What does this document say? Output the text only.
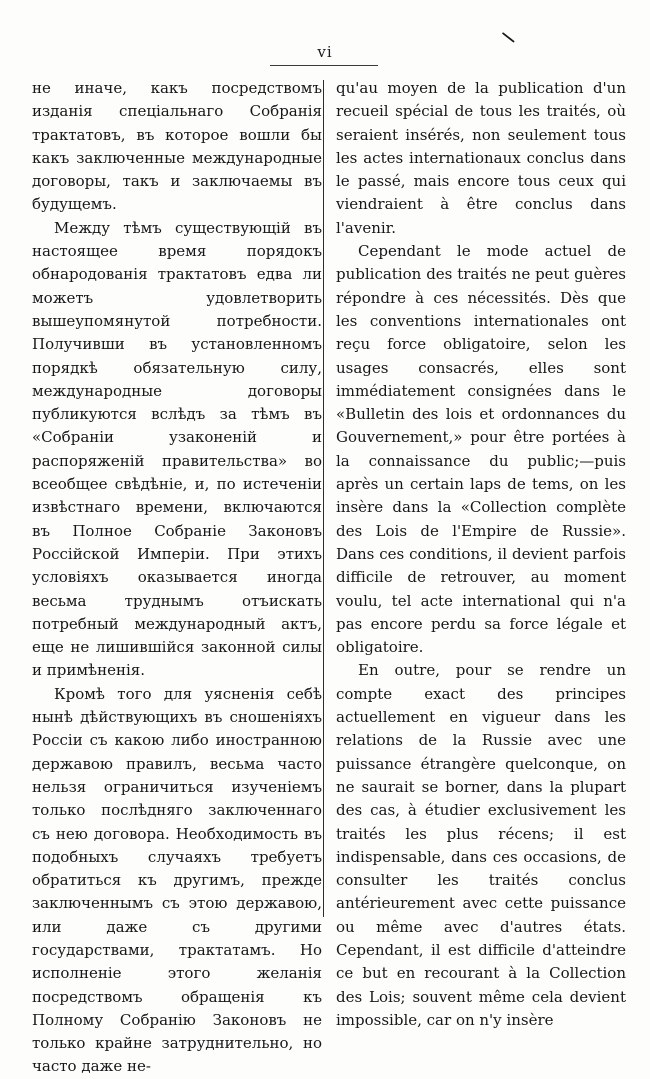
vi

не иначе, какъ посредствомъ изданія спеціальнаго Собранія трактатовъ, въ которое вошли бы какъ заключенные международные договоры, такъ и заключаемы въ будущемъ.

Между тѣмъ существующій въ настоящее время порядокъ обнародованія трактатовъ едва ли можетъ удовлетворить вышеупомянутой потребности. Получивши въ установленномъ порядкѣ обязательную силу, международные договоры публикуются вслѣдъ за тѣмъ въ «Собраніи узаконеній и распоряженій правительства» во всеобщее свѣдѣніе, и, по истеченіи извѣстнаго времени, включаются въ Полное Собраніе Законовъ Россійской Имперіи. При этихъ условіяхъ оказывается иногда весьма труднымъ отъискать потребный международный актъ, еще не лишившійся законной силы и примѣненія.

Кромѣ того для уясненія себѣ нынѣ дѣйствующихъ въ сношеніяхъ Россіи съ какою либо иностранною державою правилъ, весьма часто нельзя ограничиться изученіемъ только послѣдняго заключеннаго съ нею договора. Необходимость въ подобныхъ случаяхъ требуетъ обратиться къ другимъ, прежде заключеннымъ съ этою державою, или даже съ другими государствами, трактатамъ. Но исполненіе этого желанія посредствомъ обращенія къ Полному Собранію Законовъ не только крайне затруднительно, но часто даже не-

qu'au moyen de la publication d'un recueil spécial de tous les traités, où seraient insérés, non seulement tous les actes internationaux conclus dans le passé, mais encore tous ceux qui viendraient à être conclus dans l'avenir.

Cependant le mode actuel de publication des traités ne peut guères répondre à ces nécessités. Dès que les conventions internationales ont reçu force obligatoire, selon les usages consacrés, elles sont immédiatement consignées dans le «Bulletin des lois et ordonnances du Gouvernement,» pour être portées à la connaissance du public;—puis après un certain laps de tems, on les insère dans la «Collection complète des Lois de l'Empire de Russie». Dans ces conditions, il devient parfois difficile de retrouver, au moment voulu, tel acte international qui n'a pas encore perdu sa force légale et obligatoire.

En outre, pour se rendre un compte exact des principes actuellement en vigueur dans les relations de la Russie avec une puissance étrangère quelconque, on ne saurait se borner, dans la plupart des cas, à étudier exclusivement les traités les plus récens; il est indispensable, dans ces occasions, de consulter les traités conclus antérieurement avec cette puissance ou même avec d'autres états. Cependant, il est difficile d'atteindre ce but en recourant à la Collection des Lois; souvent même cela devient impossible, car on n'y insère
